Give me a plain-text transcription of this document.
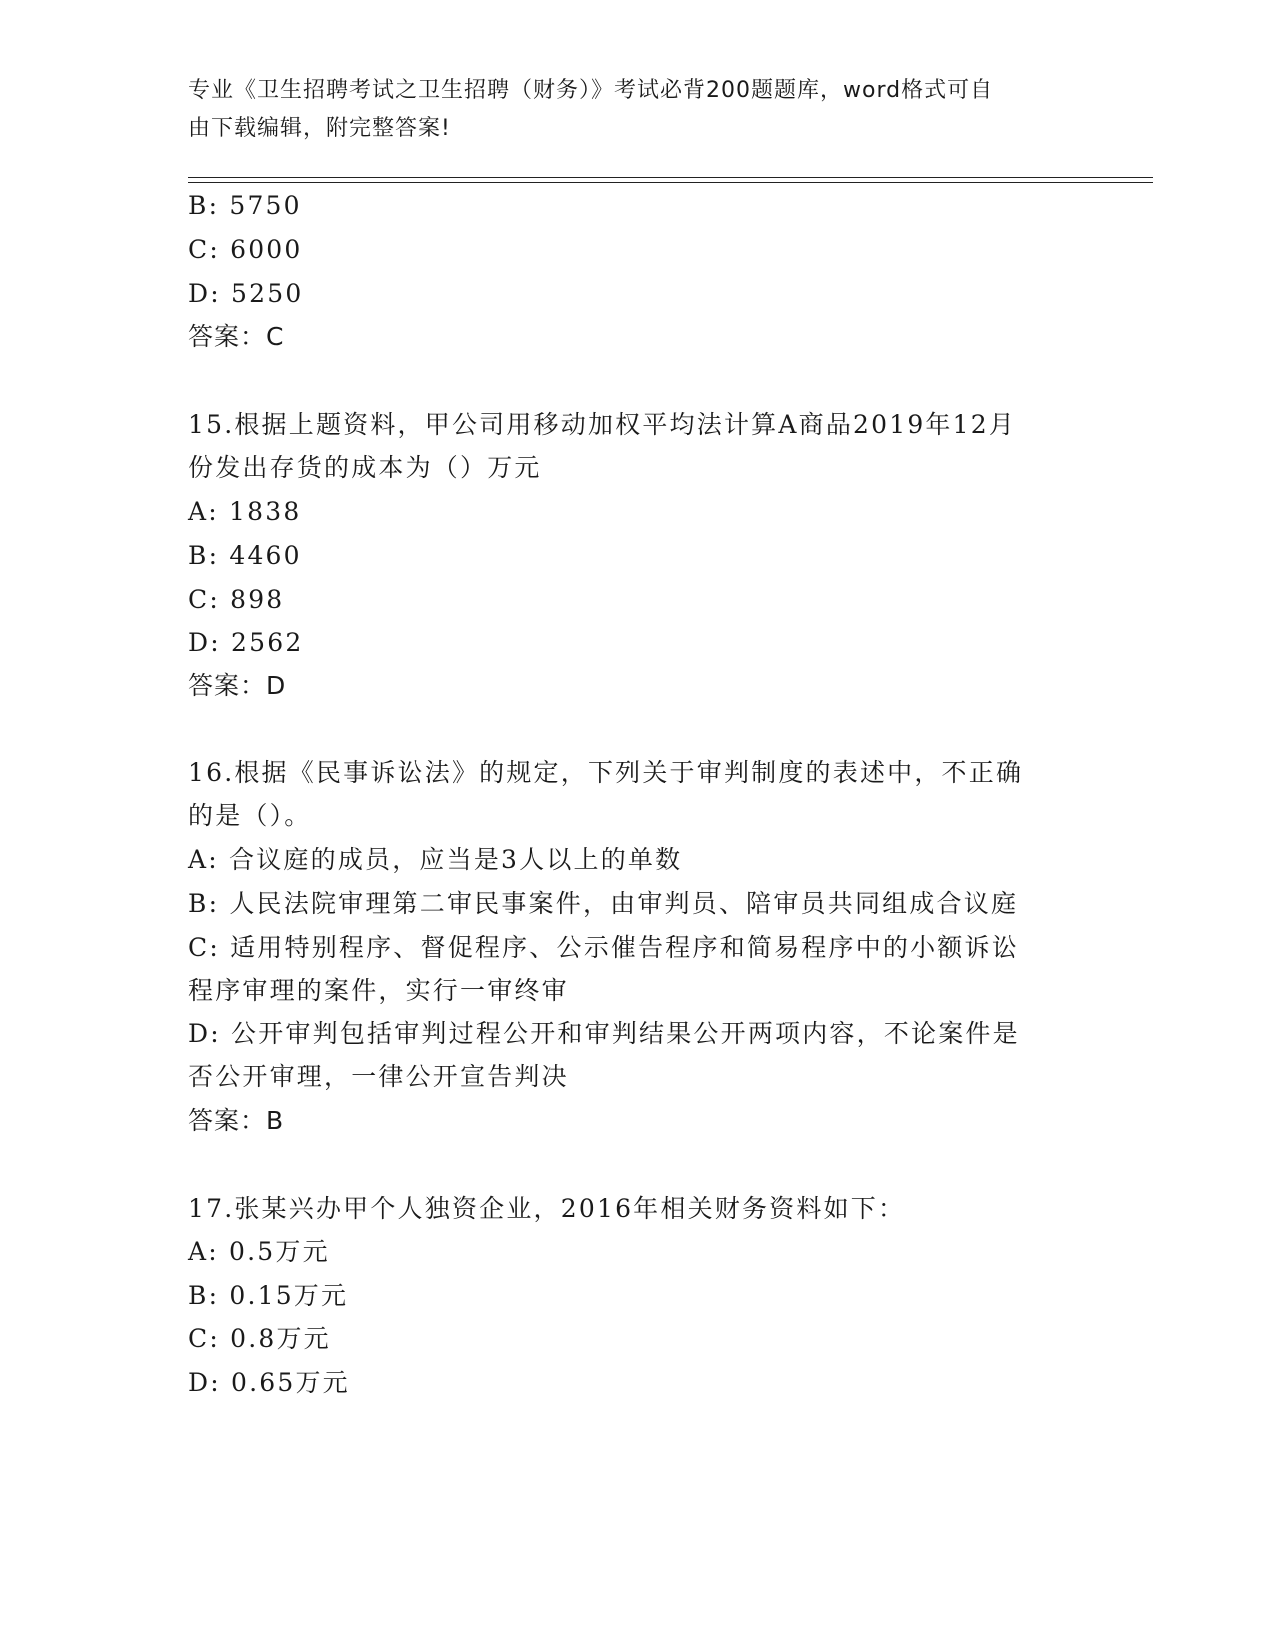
专业《卫生招聘考试之卫生招聘（财务）》考试必背200题题库，word格式可自
由下载编辑，附完整答案!
B: 5750
C: 6000
D: 5250
答案：C
15.根据上题资料，甲公司用移动加权平均法计算A商品2019年12月
份发出存货的成本为（）万元
A: 1838
B: 4460
C: 898
D: 2562
答案：D
16.根据《民事诉讼法》的规定，下列关于审判制度的表述中，不正确
的是（）。
A: 合议庭的成员，应当是3人以上的单数
B: 人民法院审理第二审民事案件，由审判员、陪审员共同组成合议庭
C: 适用特别程序、督促程序、公示催告程序和简易程序中的小额诉讼
程序审理的案件，实行一审终审
D: 公开审判包括审判过程公开和审判结果公开两项内容，不论案件是
否公开审理，一律公开宣告判决
答案：B
17.张某兴办甲个人独资企业，2016年相关财务资料如下：
A: 0.5万元
B: 0.15万元
C: 0.8万元
D: 0.65万元
